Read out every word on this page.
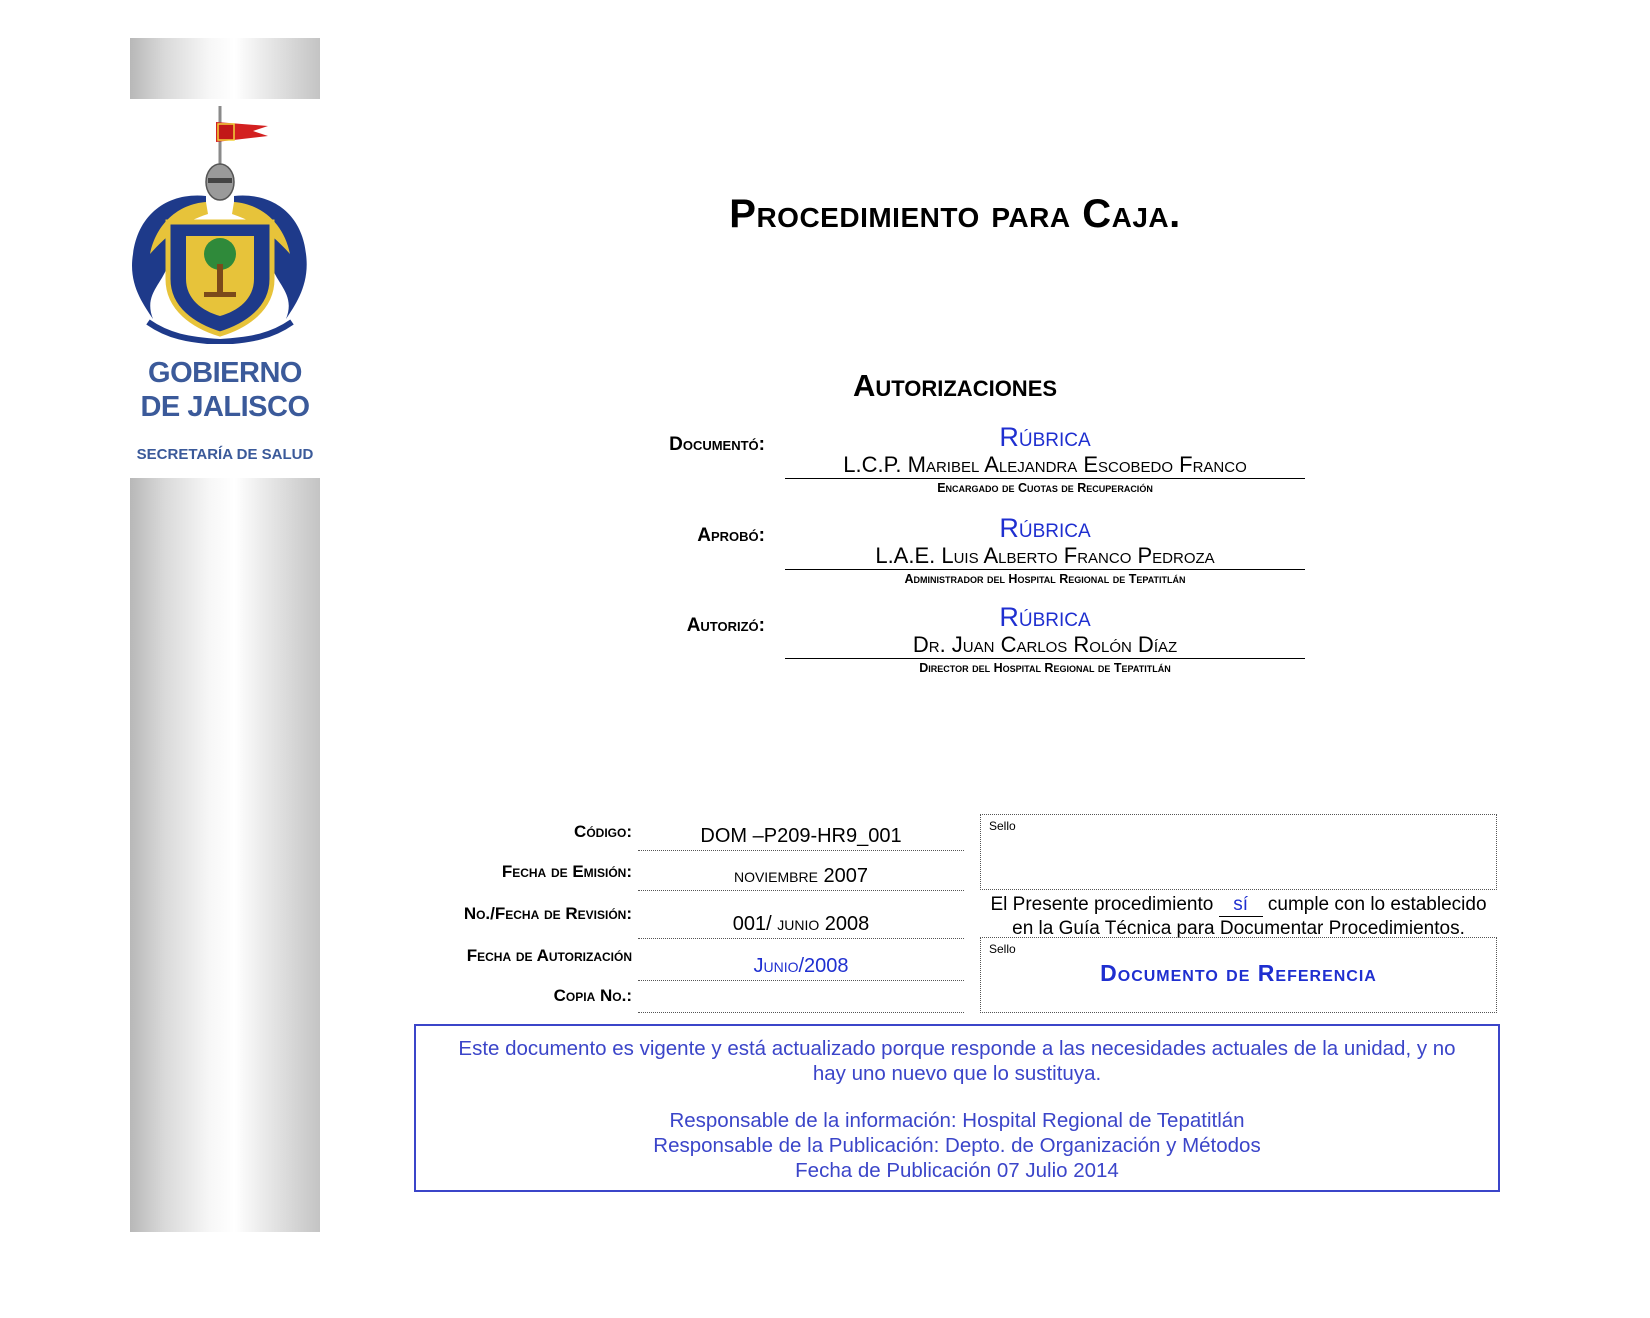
GOBIERNO
DE JALISCO
SECRETARÍA DE SALUD
Procedimiento para Caja.
Autorizaciones
Documentó:	Rúbrica
L.C.P. Maribel Alejandra Escobedo Franco
Encargado de Cuotas de Recuperación
Aprobó:	Rúbrica
L.A.E. Luis Alberto Franco Pedroza
Administrador del Hospital Regional de Tepatitlán
Autorizó:	Rúbrica
Dr. Juan Carlos Rolón Díaz
Director del Hospital Regional de Tepatitlán
Código:	DOM –P209-HR9_001
Fecha de Emisión:	noviembre 2007
No./Fecha de Revisión:	001/ junio 2008
Fecha de Autorización	Junio/2008
Copia No.:
Sello
El Presente procedimiento sí cumple con lo establecido
en la Guía Técnica para Documentar Procedimientos.
Sello
Documento de Referencia
Este documento es vigente y está actualizado porque responde a las necesidades actuales de la unidad, y no
hay uno nuevo que lo sustituya.
Responsable de la información: Hospital Regional de Tepatitlán
Responsable de la Publicación: Depto. de Organización y Métodos
Fecha de Publicación 07 Julio 2014
